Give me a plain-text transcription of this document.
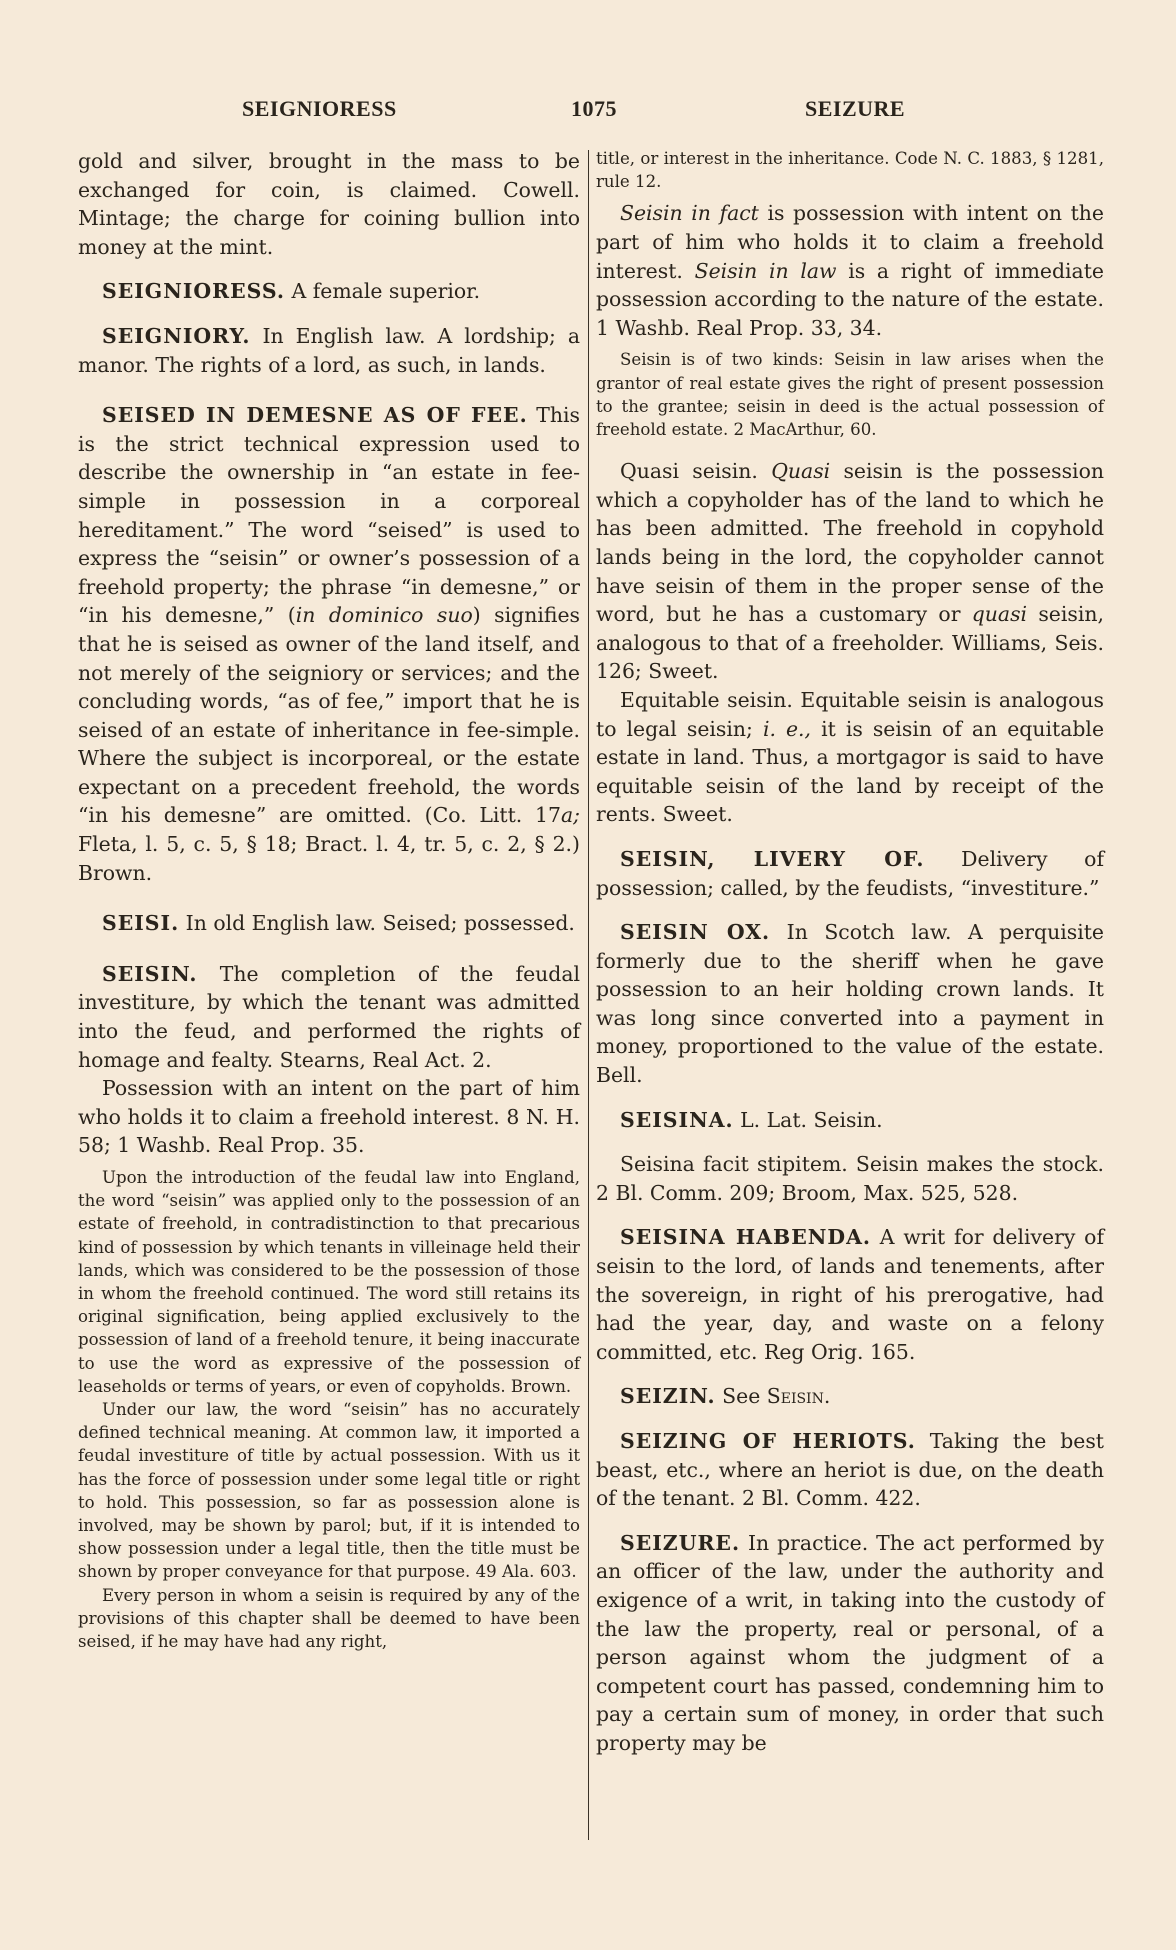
SEIGNIORESS	1075	SEIZURE

gold and silver, brought in the mass to be exchanged for coin, is claimed. Cowell. Mintage; the charge for coining bullion into money at the mint.

SEIGNIORESS. A female superior.

SEIGNIORY. In English law. A lordship; a manor. The rights of a lord, as such, in lands.

SEISED IN DEMESNE AS OF FEE. This is the strict technical expression used to describe the ownership in “an estate in fee-simple in possession in a corporeal hereditament.” The word “seised” is used to express the “seisin” or owner’s possession of a freehold property; the phrase “in demesne,” or “in his demesne,” (in dominico suo) signifies that he is seised as owner of the land itself, and not merely of the seigniory or services; and the concluding words, “as of fee,” import that he is seised of an estate of inheritance in fee-simple. Where the subject is incorporeal, or the estate expectant on a precedent freehold, the words “in his demesne” are omitted. (Co. Litt. 17a; Fleta, l. 5, c. 5, § 18; Bract. l. 4, tr. 5, c. 2, § 2.) Brown.

SEISI. In old English law. Seised; possessed.

SEISIN. The completion of the feudal investiture, by which the tenant was admitted into the feud, and performed the rights of homage and fealty. Stearns, Real Act. 2.

Possession with an intent on the part of him who holds it to claim a freehold interest. 8 N. H. 58; 1 Washb. Real Prop. 35.

Upon the introduction of the feudal law into England, the word “seisin” was applied only to the possession of an estate of freehold, in contradistinction to that precarious kind of possession by which tenants in villeinage held their lands, which was considered to be the possession of those in whom the freehold continued. The word still retains its original signification, being applied exclusively to the possession of land of a freehold tenure, it being inaccurate to use the word as expressive of the possession of leaseholds or terms of years, or even of copyholds. Brown.

Under our law, the word “seisin” has no accurately defined technical meaning. At common law, it imported a feudal investiture of title by actual possession. With us it has the force of possession under some legal title or right to hold. This possession, so far as possession alone is involved, may be shown by parol; but, if it is intended to show possession under a legal title, then the title must be shown by proper conveyance for that purpose. 49 Ala. 603.

Every person in whom a seisin is required by any of the provisions of this chapter shall be deemed to have been seised, if he may have had any right,

title, or interest in the inheritance. Code N. C. 1883, § 1281, rule 12.

Seisin in fact is possession with intent on the part of him who holds it to claim a freehold interest. Seisin in law is a right of immediate possession according to the nature of the estate. 1 Washb. Real Prop. 33, 34.

Seisin is of two kinds: Seisin in law arises when the grantor of real estate gives the right of present possession to the grantee; seisin in deed is the actual possession of freehold estate. 2 MacArthur, 60.

Quasi seisin. Quasi seisin is the possession which a copyholder has of the land to which he has been admitted. The freehold in copyhold lands being in the lord, the copyholder cannot have seisin of them in the proper sense of the word, but he has a customary or quasi seisin, analogous to that of a freeholder. Williams, Seis. 126; Sweet.

Equitable seisin. Equitable seisin is analogous to legal seisin; i. e., it is seisin of an equitable estate in land. Thus, a mortgagor is said to have equitable seisin of the land by receipt of the rents. Sweet.

SEISIN, LIVERY OF. Delivery of possession; called, by the feudists, “investiture.”

SEISIN OX. In Scotch law. A perquisite formerly due to the sheriff when he gave possession to an heir holding crown lands. It was long since converted into a payment in money, proportioned to the value of the estate. Bell.

SEISINA. L. Lat. Seisin.

Seisina facit stipitem. Seisin makes the stock. 2 Bl. Comm. 209; Broom, Max. 525, 528.

SEISINA HABENDA. A writ for delivery of seisin to the lord, of lands and tenements, after the sovereign, in right of his prerogative, had had the year, day, and waste on a felony committed, etc. Reg Orig. 165.

SEIZIN. See Seisin.

SEIZING OF HERIOTS. Taking the best beast, etc., where an heriot is due, on the death of the tenant. 2 Bl. Comm. 422.

SEIZURE. In practice. The act performed by an officer of the law, under the authority and exigence of a writ, in taking into the custody of the law the property, real or personal, of a person against whom the judgment of a competent court has passed, condemning him to pay a certain sum of money, in order that such property may be
